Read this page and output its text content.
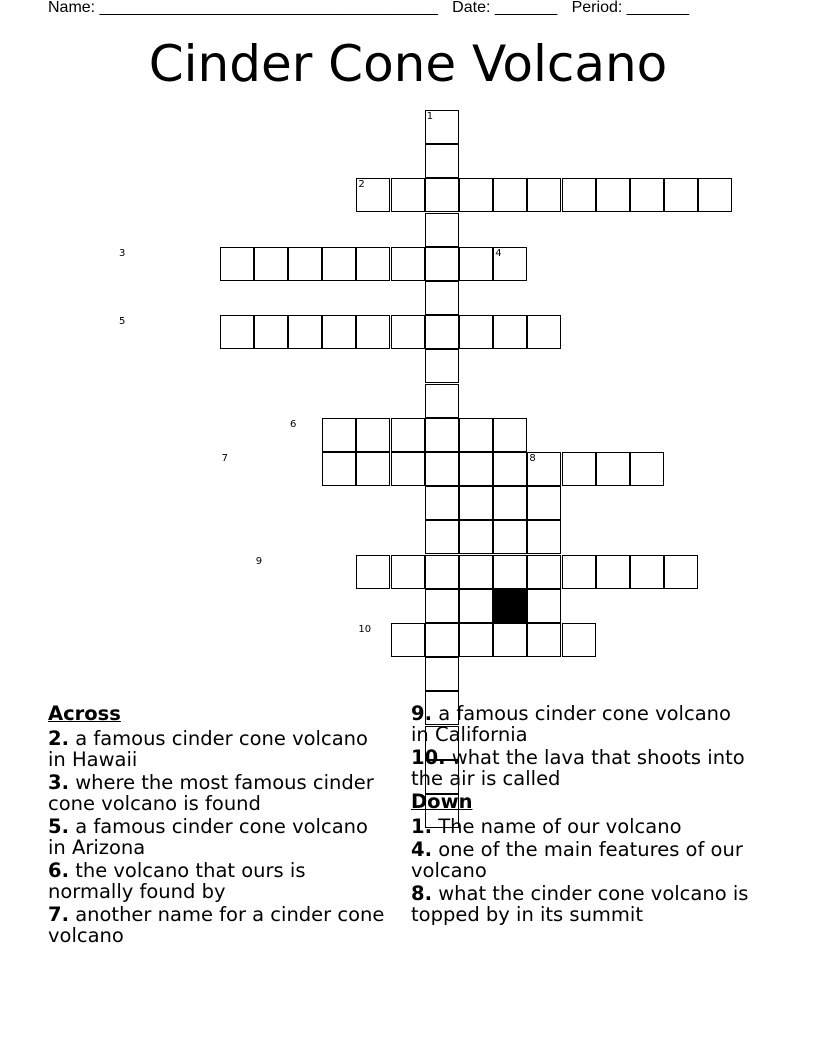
Name: ______________________________________ Date: _______ Period: _______
Cinder Cone Volcano
1
2
3	4
5
6
7	8
9
10
Across
2. a famous cinder cone volcano in Hawaii
3. where the most famous cinder cone volcano is found
5. a famous cinder cone volcano in Arizona
6. the volcano that ours is normally found by
7. another name for a cinder cone volcano
9. a famous cinder cone volcano in California
10. what the lava that shoots into the air is called
Down
1. The name of our volcano
4. one of the main features of our volcano
8. what the cinder cone volcano is topped by in its summit
